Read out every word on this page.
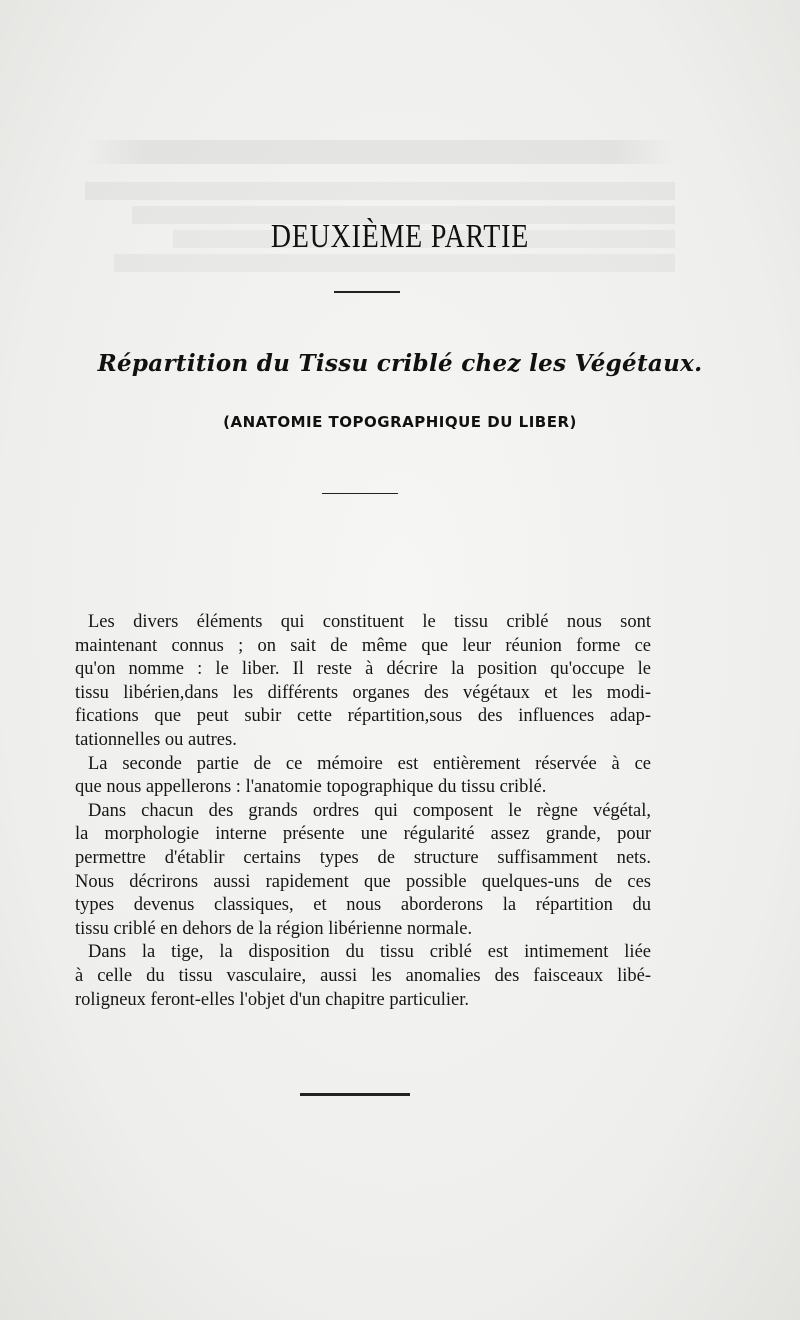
DEUXIÈME PARTIE
Répartition du Tissu criblé chez les Végétaux.
(ANATOMIE TOPOGRAPHIQUE DU LIBER)
Les divers éléments qui constituent le tissu criblé nous sont
maintenant connus ; on sait de même que leur réunion forme ce
qu'on nomme : le liber. Il reste à décrire la position qu'occupe le
tissu libérien,dans les différents organes des végétaux et les modi-
fications que peut subir cette répartition,sous des influences adap-
tationnelles ou autres.
La seconde partie de ce mémoire est entièrement réservée à ce
que nous appellerons : l'anatomie topographique du tissu criblé.
Dans chacun des grands ordres qui composent le règne végétal,
la morphologie interne présente une régularité assez grande, pour
permettre d'établir certains types de structure suffisamment nets.
Nous décrirons aussi rapidement que possible quelques-uns de ces
types devenus classiques, et nous aborderons la répartition du
tissu criblé en dehors de la région libérienne normale.
Dans la tige, la disposition du tissu criblé est intimement liée
à celle du tissu vasculaire, aussi les anomalies des faisceaux libé-
roligneux feront-elles l'objet d'un chapitre particulier.
